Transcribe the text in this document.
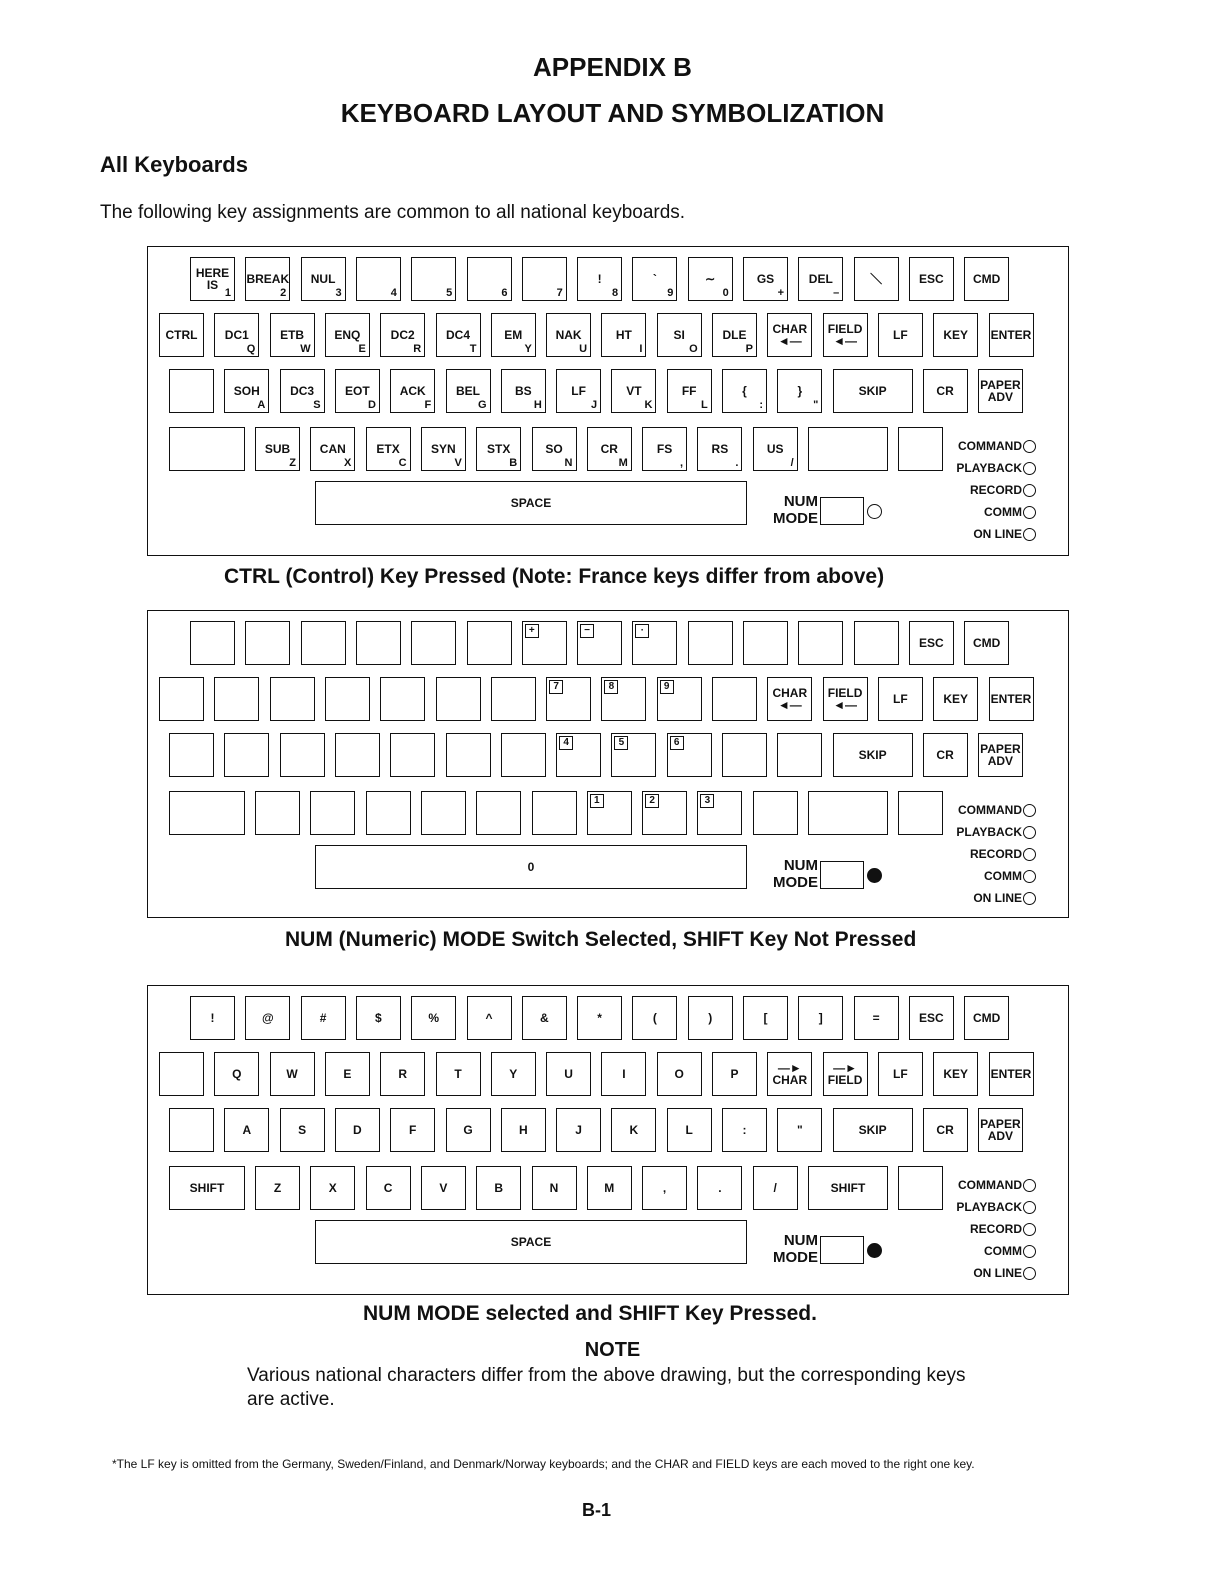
APPENDIX B
KEYBOARD LAYOUT AND SYMBOLIZATION
All Keyboards
The following key assignments are common to all national keyboards.
NOTE
Various national characters differ from the above drawing, but the corresponding keys are active.
*The LF key is omitted from the Germany, Sweden/Finland, and Denmark/Norway keyboards; and the CHAR and FIELD keys are each moved to the right one key.
B-1
HERE
IS
1
BREAK
2
NUL
3	4	5	6	7
!
8
`
9
∼
0
GS
+
DEL
–
＼	ESC	CMD
CTRL	DC1
Q
ETB
W
ENQ
E
DC2
R
DC4
T
EM
Y
NAK
U
HT
I
SI
O
DLE
P
CHAR
◄—
FIELD
◄—	LF	KEY	ENTER
SOH
A
DC3
S
EOT
D
ACK
F
BEL
G
BS
H
LF
J
VT
K
FF
L
{
:
}
"
SKIP	CR	PAPER
ADV
SUB
Z
CAN
X
ETX
C
SYN
V
STX
B
SO
N
CR
M
FS
,
RS
.
US
/
SPACE	NUM
MODE
COMMAND
PLAYBACK
RECORD
COMM
ON LINE
CTRL (Control) Key Pressed (Note: France keys differ from above)
+	−	·
ESC	CMD
7	8	9	CHAR
◄—
FIELD
◄—	LF	KEY	ENTER
4	5	6
SKIP	CR	PAPER
ADV
1	2	3
0	NUM
MODE
COMMAND
PLAYBACK
RECORD
COMM
ON LINE
NUM (Numeric) MODE Switch Selected, SHIFT Key Not Pressed
!	@	#	$	%	^	&	*	(	)	[	]	=	ESC	CMD
Q	W	E	R	T	Y	U	I	O	P	—►
CHAR
—►
FIELD	LF	KEY	ENTER
A	S	D	F	G	H	J	K	L	:	"	SKIP	CR	PAPER
ADV
SHIFT	Z	X	C	V	B	N	M	,	.	/	SHIFT
SPACE	NUM
MODE
COMMAND
PLAYBACK
RECORD
COMM
ON LINE
NUM MODE selected and SHIFT Key Pressed.
